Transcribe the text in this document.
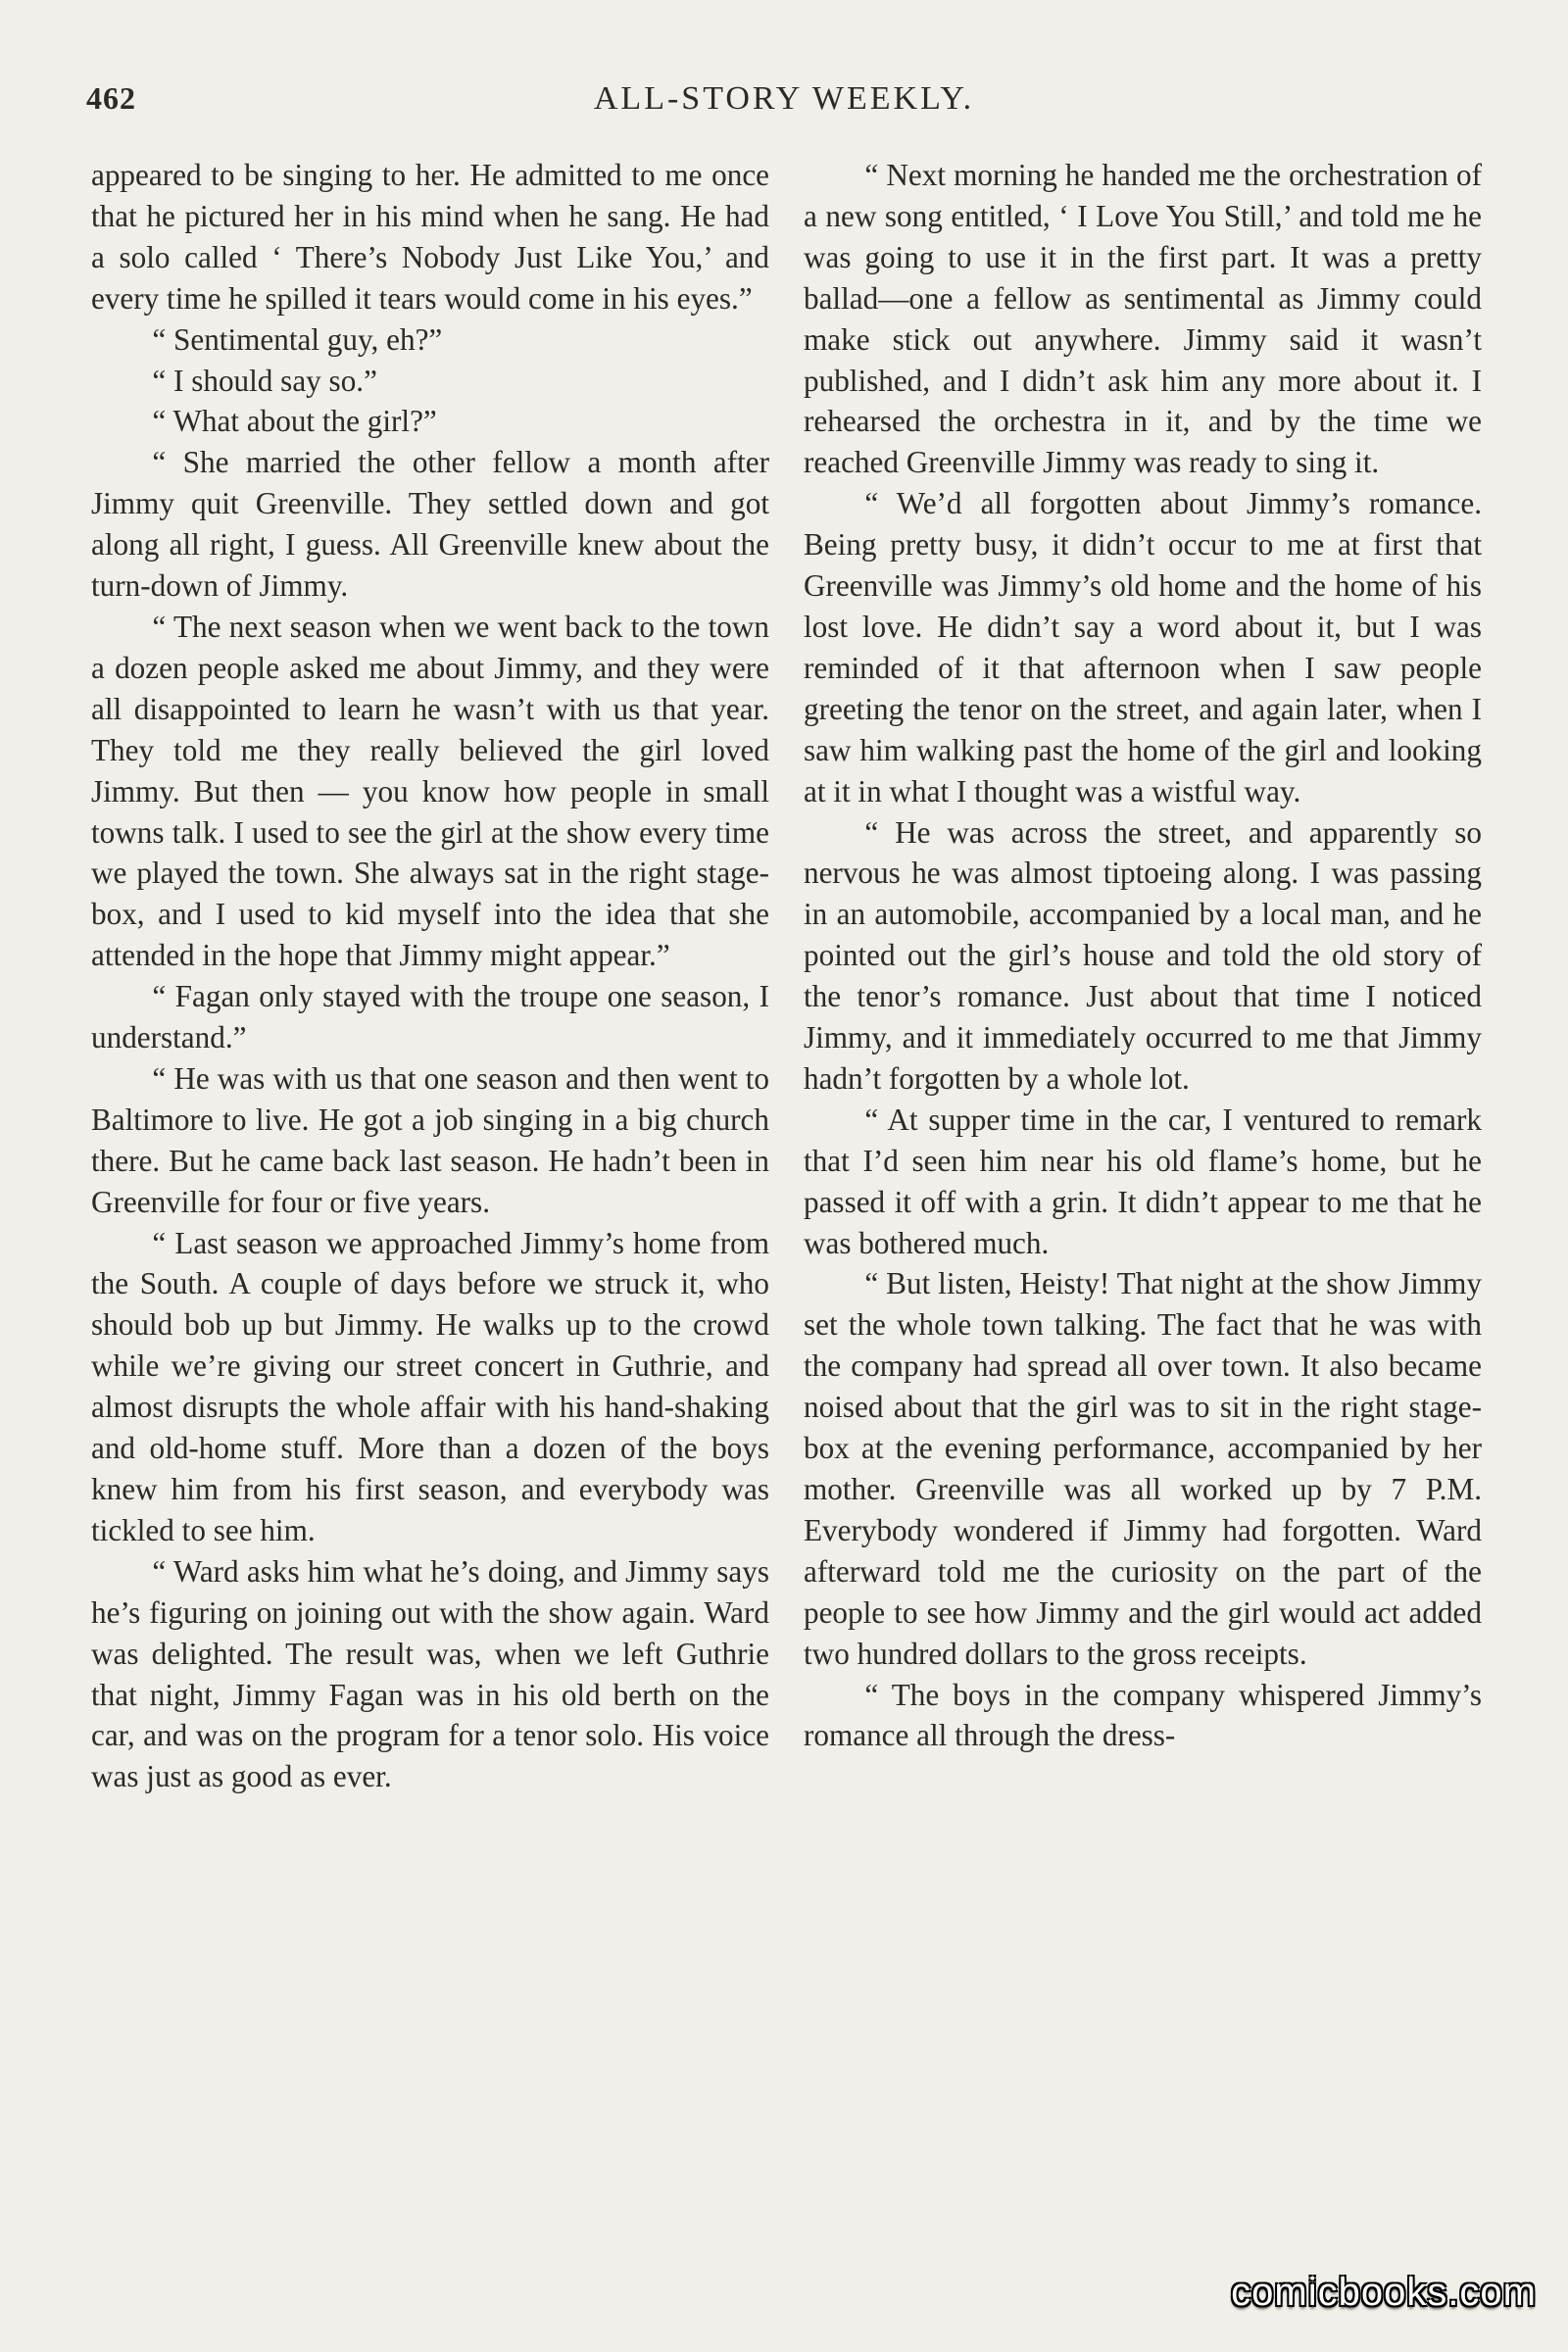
462	ALL-STORY WEEKLY.

appeared to be singing to her. He admitted to me once that he pictured her in his mind when he sang. He had a solo called ‘ There’s Nobody Just Like You,’ and every time he spilled it tears would come in his eyes.”

“ Sentimental guy, eh?”

“ I should say so.”

“ What about the girl?”

“ She married the other fellow a month after Jimmy quit Greenville. They settled down and got along all right, I guess. All Greenville knew about the turn-down of Jimmy.

“ The next season when we went back to the town a dozen people asked me about Jimmy, and they were all disappointed to learn he wasn’t with us that year. They told me they really believed the girl loved Jimmy. But then — you know how people in small towns talk. I used to see the girl at the show every time we played the town. She always sat in the right stage-box, and I used to kid myself into the idea that she attended in the hope that Jimmy might appear.”

“ Fagan only stayed with the troupe one season, I understand.”

“ He was with us that one season and then went to Baltimore to live. He got a job singing in a big church there. But he came back last season. He hadn’t been in Greenville for four or five years.

“ Last season we approached Jimmy’s home from the South. A couple of days before we struck it, who should bob up but Jimmy. He walks up to the crowd while we’re giving our street concert in Guthrie, and almost disrupts the whole affair with his hand-shaking and old-home stuff. More than a dozen of the boys knew him from his first season, and everybody was tickled to see him.

“ Ward asks him what he’s doing, and Jimmy says he’s figuring on joining out with the show again. Ward was delighted. The result was, when we left Guthrie that night, Jimmy Fagan was in his old berth on the car, and was on the program for a tenor solo. His voice was just as good as ever.

“ Next morning he handed me the orchestration of a new song entitled, ‘ I Love You Still,’ and told me he was going to use it in the first part. It was a pretty ballad—one a fellow as sentimental as Jimmy could make stick out anywhere. Jimmy said it wasn’t published, and I didn’t ask him any more about it. I rehearsed the orchestra in it, and by the time we reached Greenville Jimmy was ready to sing it.

“ We’d all forgotten about Jimmy’s romance. Being pretty busy, it didn’t occur to me at first that Greenville was Jimmy’s old home and the home of his lost love. He didn’t say a word about it, but I was reminded of it that afternoon when I saw people greeting the tenor on the street, and again later, when I saw him walking past the home of the girl and looking at it in what I thought was a wistful way.

“ He was across the street, and apparently so nervous he was almost tiptoeing along. I was passing in an automobile, accompanied by a local man, and he pointed out the girl’s house and told the old story of the tenor’s romance. Just about that time I noticed Jimmy, and it immediately occurred to me that Jimmy hadn’t forgotten by a whole lot.

“ At supper time in the car, I ventured to remark that I’d seen him near his old flame’s home, but he passed it off with a grin. It didn’t appear to me that he was bothered much.

“ But listen, Heisty! That night at the show Jimmy set the whole town talking. The fact that he was with the company had spread all over town. It also became noised about that the girl was to sit in the right stage-box at the evening performance, accompanied by her mother. Greenville was all worked up by 7 P.M. Everybody wondered if Jimmy had forgotten. Ward afterward told me the curiosity on the part of the people to see how Jimmy and the girl would act added two hundred dollars to the gross receipts.

“ The boys in the company whispered Jimmy’s romance all through the dress-

comicbooks.com
